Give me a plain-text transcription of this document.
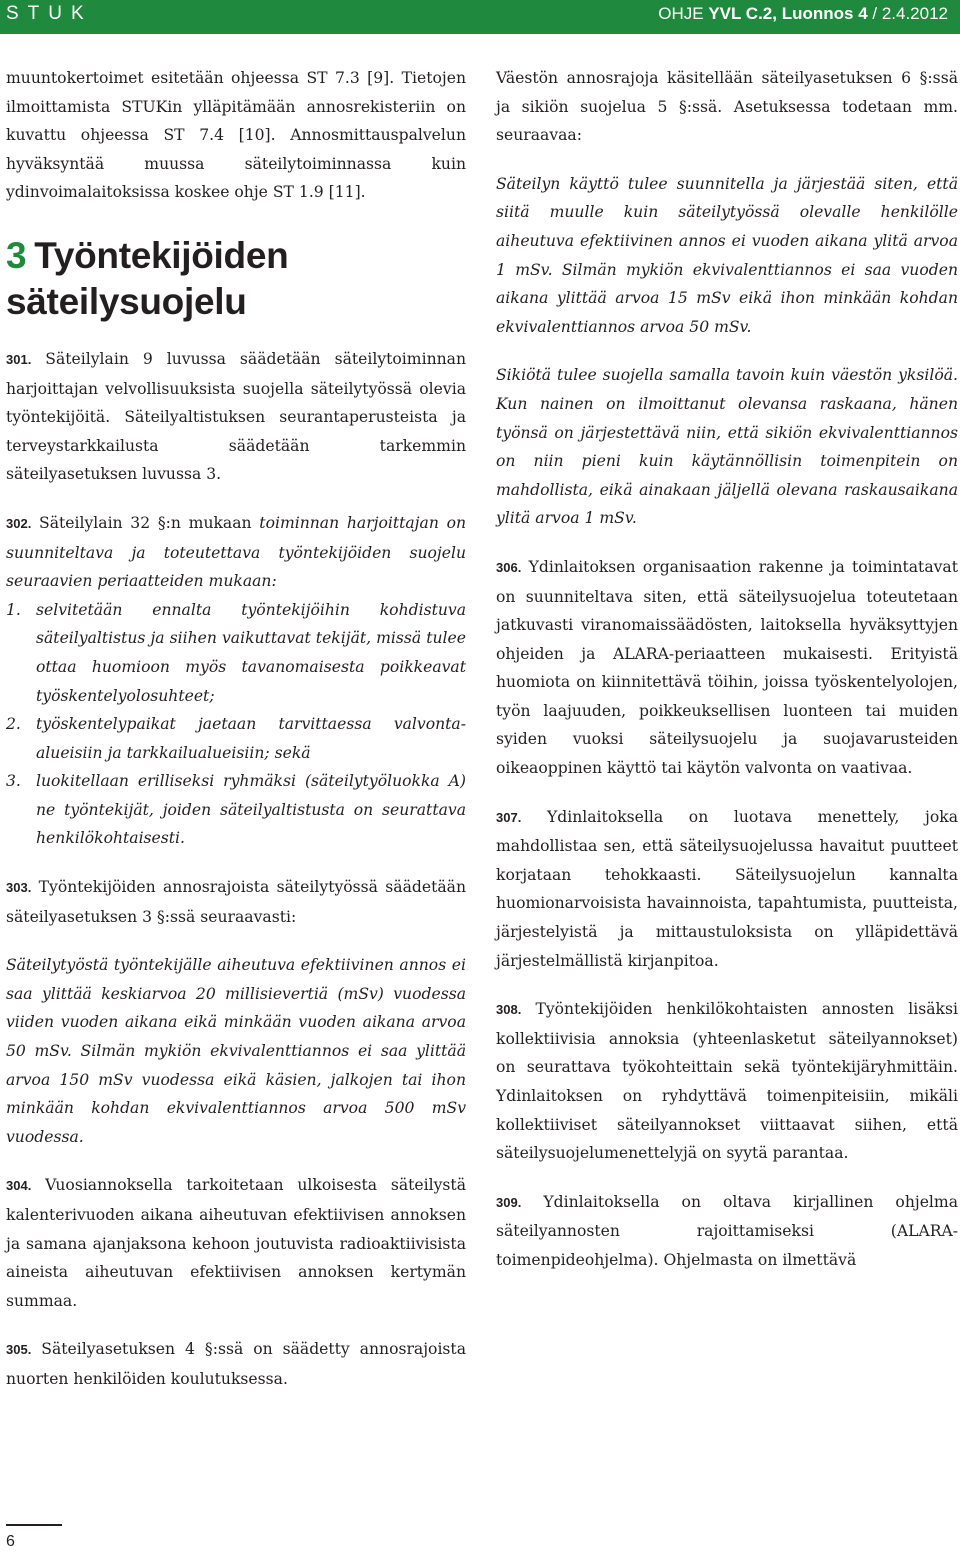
STUK	OHJE YVL C.2, Luonnos 4 / 2.4.2012

muuntokertoimet esitetään ohjeessa ST 7.3 [9]. Tietojen ilmoittamista STUKin ylläpitämään annosrekisteriin on kuvattu ohjeessa ST 7.4 [10]. Annosmittauspalvelun hyväksyntää muussa säteilytoiminnassa kuin ydinvoimalaitoksissa koskee ohje ST 1.9 [11].

3 Työntekijöiden säteilysuojelu

301. Säteilylain 9 luvussa säädetään säteilytoiminnan harjoittajan velvollisuuksista suojella säteilytyössä olevia työntekijöitä. Säteilyaltistuksen seurantaperusteista ja terveystarkkailusta säädetään tarkemmin säteilyasetuksen luvussa 3.

302. Säteilylain 32 §:n mukaan toiminnan harjoittajan on suunniteltava ja toteutettava työntekijöiden suojelu seuraavien periaatteiden mukaan:

1. selvitetään ennalta työntekijöihin kohdistuva säteilyaltistus ja siihen vaikuttavat tekijät, missä tulee ottaa huomioon myös tavanomaisesta poikkeavat työskentelyolosuhteet;
2. työskentelypaikat jaetaan tarvittaessa valvonta-alueisiin ja tarkkailualueisiin; sekä
3. luokitellaan erilliseksi ryhmäksi (säteilytyöluokka A) ne työntekijät, joiden säteilyaltistusta on seurattava henkilökohtaisesti.

303. Työntekijöiden annosrajoista säteilytyössä säädetään säteilyasetuksen 3 §:ssä seuraavasti:

Säteilytyöstä työntekijälle aiheutuva efektiivinen annos ei saa ylittää keskiarvoa 20 millisievertiä (mSv) vuodessa viiden vuoden aikana eikä minkään vuoden aikana arvoa 50 mSv. Silmän mykiön ekvivalenttiannos ei saa ylittää arvoa 150 mSv vuodessa eikä käsien, jalkojen tai ihon minkään kohdan ekvivalenttiannos arvoa 500 mSv vuodessa.

304. Vuosiannoksella tarkoitetaan ulkoisesta säteilystä kalenterivuoden aikana aiheutuvan efektiivisen annoksen ja samana ajanjaksona kehoon joutuvista radioaktiivisista aineista aiheutuvan efektiivisen annoksen kertymän summaa.

305. Säteilyasetuksen 4 §:ssä on säädetty annosrajoista nuorten henkilöiden koulutuksessa.

Väestön annosrajoja käsitellään säteilyasetuksen 6 §:ssä ja sikiön suojelua 5 §:ssä. Asetuksessa todetaan mm. seuraavaa:

Säteilyn käyttö tulee suunnitella ja järjestää siten, että siitä muulle kuin säteilytyössä olevalle henkilölle aiheutuva efektiivinen annos ei vuoden aikana ylitä arvoa 1 mSv. Silmän mykiön ekvivalenttiannos ei saa vuoden aikana ylittää arvoa 15 mSv eikä ihon minkään kohdan ekvivalenttiannos arvoa 50 mSv.

Sikiötä tulee suojella samalla tavoin kuin väestön yksilöä. Kun nainen on ilmoittanut olevansa raskaana, hänen työnsä on järjestettävä niin, että sikiön ekvivalenttiannos on niin pieni kuin käytännöllisin toimenpitein on mahdollista, eikä ainakaan jäljellä olevana raskausaikana ylitä arvoa 1 mSv.

306. Ydinlaitoksen organisaation rakenne ja toimintatavat on suunniteltava siten, että säteilysuojelua toteutetaan jatkuvasti viranomaissäädösten, laitoksella hyväksyttyjen ohjeiden ja ALARA-periaatteen mukaisesti. Erityistä huomiota on kiinnitettävä töihin, joissa työskentelyolojen, työn laajuuden, poikkeuksellisen luonteen tai muiden syiden vuoksi säteilysuojelu ja suojavarusteiden oikeaoppinen käyttö tai käytön valvonta on vaativaa.

307. Ydinlaitoksella on luotava menettely, joka mahdollistaa sen, että säteilysuojelussa havaitut puutteet korjataan tehokkaasti. Säteilysuojelun kannalta huomionarvoisista havainnoista, tapahtumista, puutteista, järjestelyistä ja mittaustuloksista on ylläpidettävä järjestelmällistä kirjanpitoa.

308. Työntekijöiden henkilökohtaisten annosten lisäksi kollektiivisia annoksia (yhteenlasketut säteilyannokset) on seurattava työkohteittain sekä työntekijäryhmittäin. Ydinlaitoksen on ryhdyttävä toimenpiteisiin, mikäli kollektiiviset säteilyannokset viittaavat siihen, että säteilysuojelumenettelyjä on syytä parantaa.

309. Ydinlaitoksella on oltava kirjallinen ohjelma säteilyannosten rajoittamiseksi (ALARA-toimenpideohjelma). Ohjelmasta on ilmettävä

6
